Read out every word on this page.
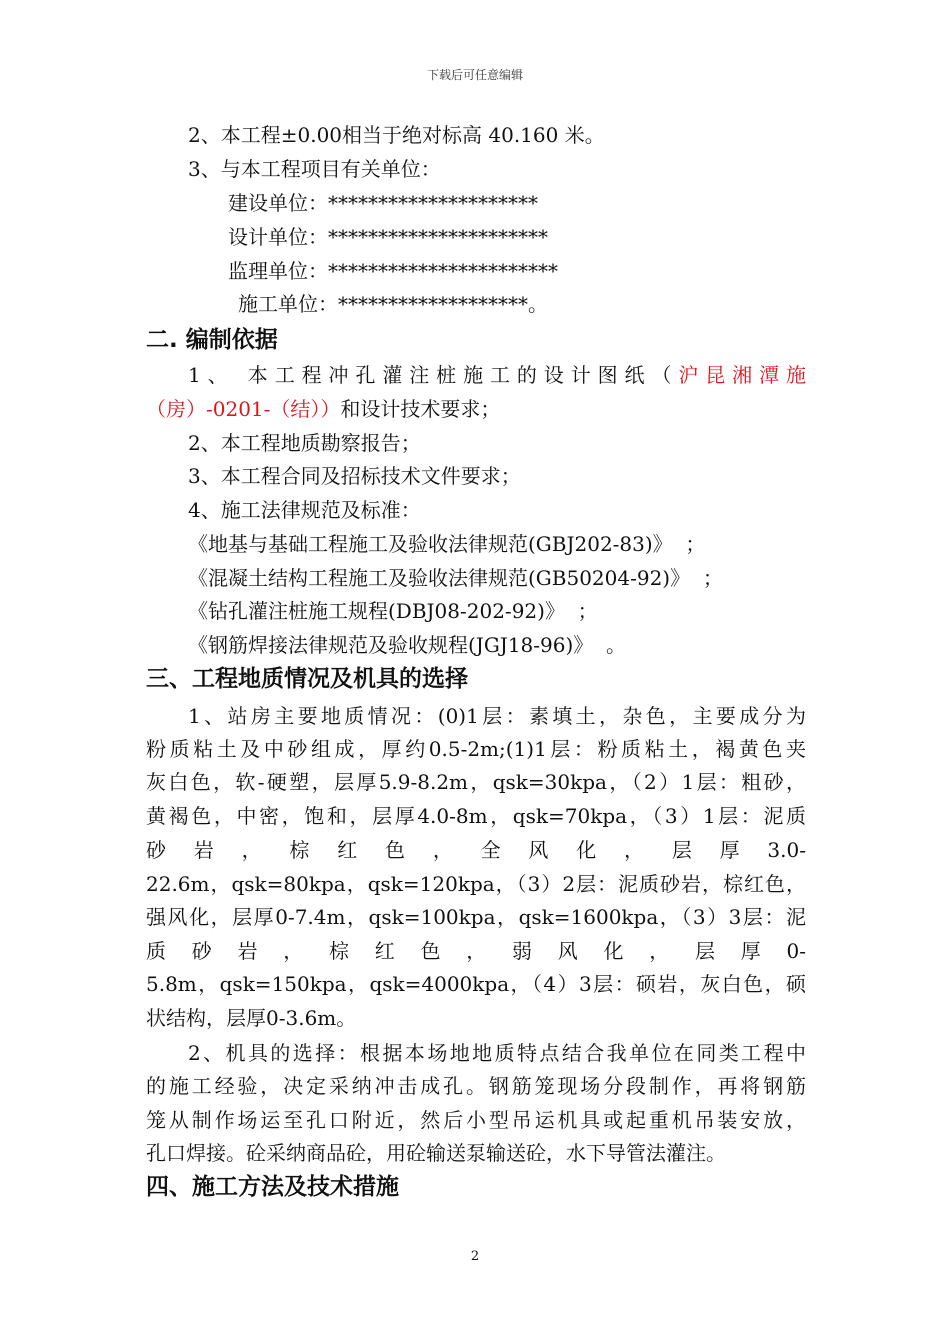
下载后可任意编辑
2、本工程±0.00相当于绝对标高 40.160 米。
3、与本工程项目有关单位：
建设单位：*********************
设计单位：**********************
监理单位：***********************
施工单位：*******************。
二. 编制依据
1、 本工程冲孔灌注桩施工的设计图纸（沪昆湘潭施
（房）-0201-（结））和设计技术要求；
2、本工程地质勘察报告；
3、本工程合同及招标技术文件要求；
4、施工法律规范及标准：
《地基与基础工程施工及验收法律规范(GBJ202-83)》  ；
《混凝土结构工程施工及验收法律规范(GB50204-92)》  ；
《钻孔灌注桩施工规程(DBJ08-202-92)》  ；
《钢筋焊接法律规范及验收规程(JGJ18-96)》  。
三、工程地质情况及机具的选择
1、站房主要地质情况：(0)1层：素填土，杂色，主要成分为
粉质粘土及中砂组成，厚约0.5-2m;(1)1层：粉质粘土，褐黄色夹
灰白色，软-硬塑，层厚5.9-8.2m，qsk=30kpa，（2）1层：粗砂，
黄褐色，中密，饱和，层厚4.0-8m，qsk=70kpa，（3）1层：泥质
砂 岩 ， 棕 红 色 ， 全 风 化 ， 层 厚 3.0-
22.6m，qsk=80kpa，qsk=120kpa，（3）2层：泥质砂岩，棕红色，
强风化，层厚0-7.4m，qsk=100kpa，qsk=1600kpa，（3）3层：泥
质 砂 岩 ， 棕 红 色 ， 弱 风 化 ， 层 厚 0-
5.8m，qsk=150kpa，qsk=4000kpa，（4）3层：硕岩，灰白色，硕
状结构，层厚0-3.6m。
2、机具的选择：根据本场地地质特点结合我单位在同类工程中
的施工经验，决定采纳冲击成孔。钢筋笼现场分段制作，再将钢筋
笼从制作场运至孔口附近，然后小型吊运机具或起重机吊装安放，
孔口焊接。砼采纳商品砼，用砼输送泵输送砼，水下导管法灌注。
四、施工方法及技术措施
2
